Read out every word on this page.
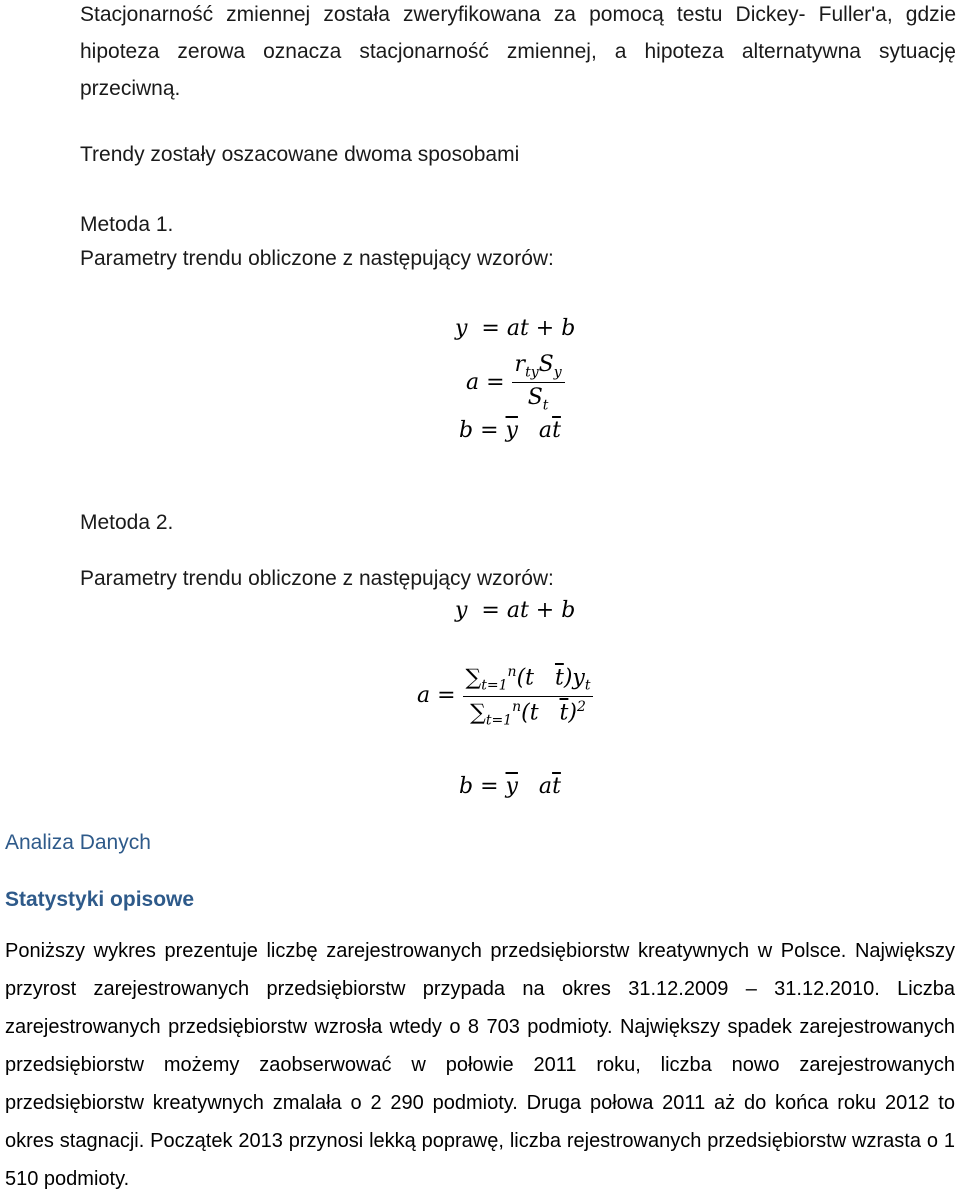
Stacjonarność zmiennej została zweryfikowana za pomocą testu Dickey- Fuller'a, gdzie hipoteza zerowa oznacza stacjonarność zmiennej, a hipoteza alternatywna sytuację przeciwną.
Trendy zostały oszacowane dwoma sposobami
Metoda 1.
Parametry trendu obliczone z następujący wzorów:
y  = at + b
$a = \frac{r_{ty}S_y}{S_t}$
$b = \overline{y}$   $a\overline{t}$
Metoda 2.
Parametry trendu obliczone z następujący wzorów:
y  = at + b
$a = \frac{\sum_{t=1}^n(t \overline{t})y_t}{\sum_{t=1}^n(t \overline{t})^2}$
$b = \overline{y}$   $a\overline{t}$
Analiza Danych
Statystyki opisowe
Poniższy wykres prezentuje liczbę zarejestrowanych przedsiębiorstw kreatywnych w Polsce. Największy przyrost zarejestrowanych przedsiębiorstw przypada na okres 31.12.2009 – 31.12.2010. Liczba zarejestrowanych przedsiębiorstw wzrosła wtedy o 8 703 podmioty. Największy spadek zarejestrowanych przedsiębiorstw możemy zaobserwować w połowie 2011 roku, liczba nowo zarejestrowanych przedsiębiorstw kreatywnych zmalała o 2 290 podmioty. Druga połowa 2011 aż do końca roku 2012 to okres stagnacji. Początek 2013 przynosi lekką poprawę, liczba rejestrowanych przedsiębiorstw wzrasta o 1 510 podmioty.
